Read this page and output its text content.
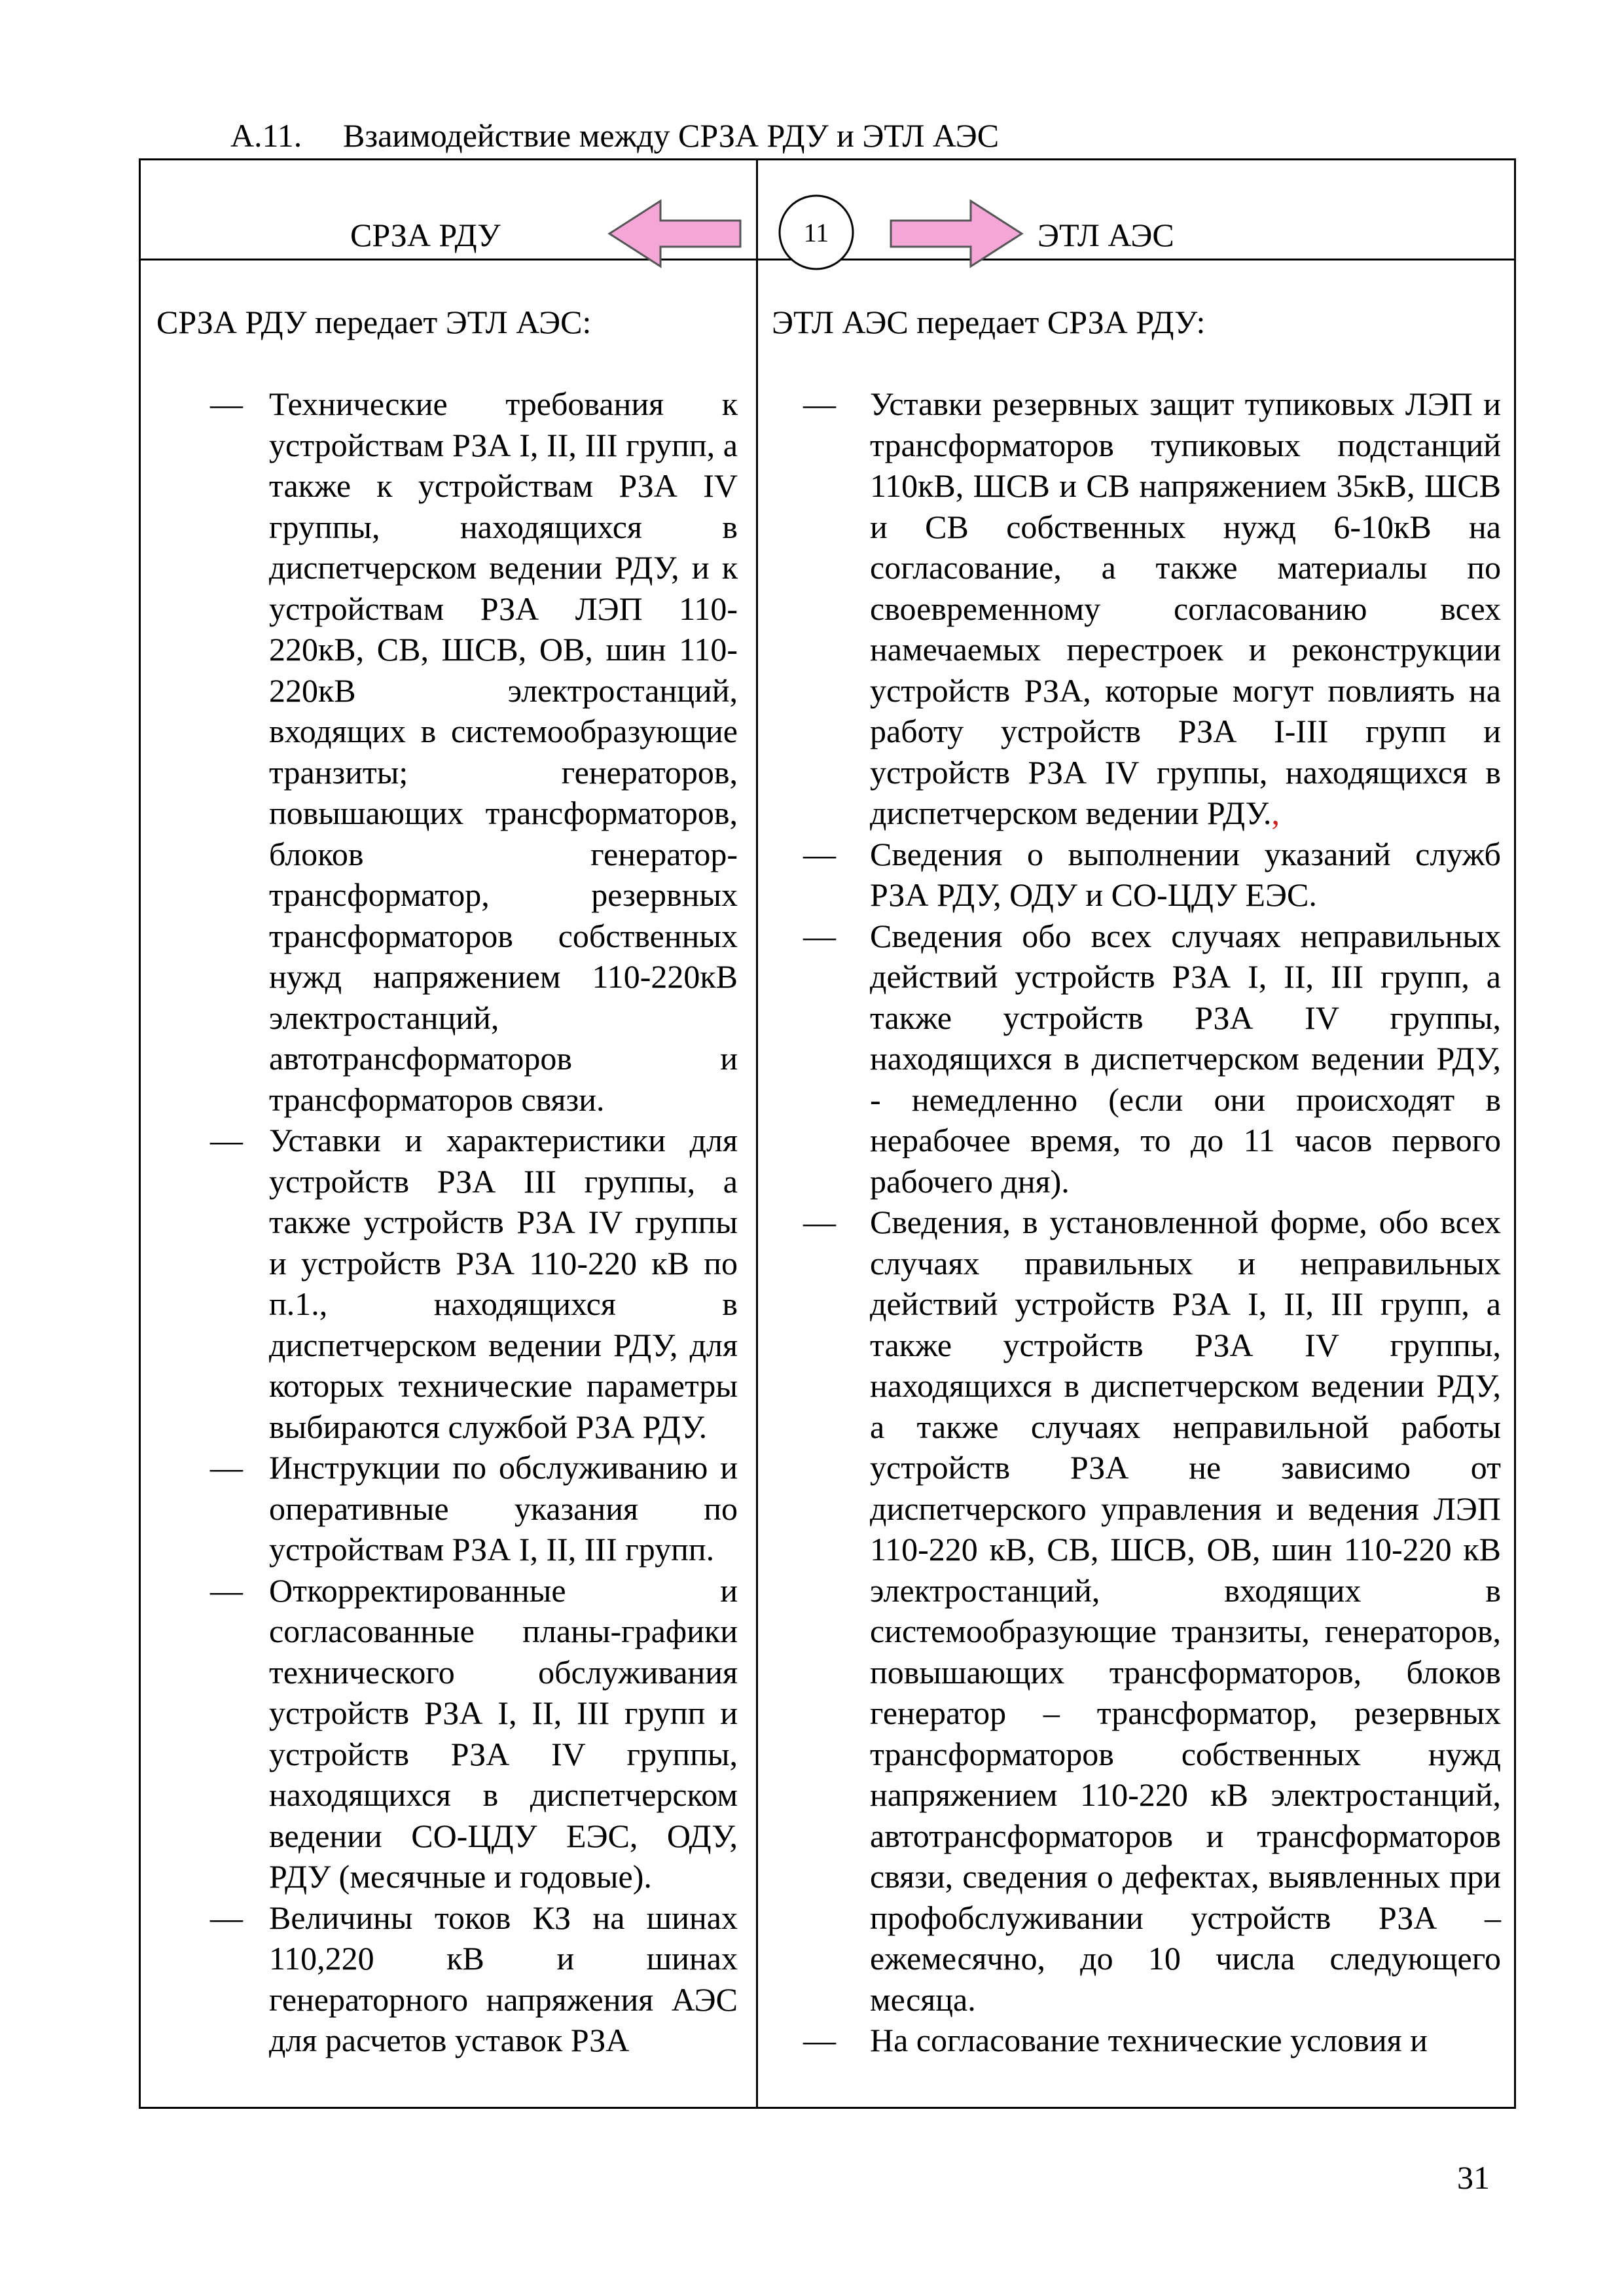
А.11. Взаимодействие между СРЗА РДУ и ЭТЛ АЭС
СРЗА РДУ	ЭТЛ АЭС
11
СРЗА РДУ передает ЭТЛ АЭС:
— Технические требования к устройствам РЗА I, II, III групп, а также к устройствам РЗА IV группы, находящихся в диспетчерском ведении РДУ, и к устройствам РЗА ЛЭП 110-220кВ, СВ, ШСВ, ОВ, шин 110-220кВ электростанций, входящих в системообразующие транзиты; генераторов, повышающих трансформаторов, блоков генератор-трансформатор, резервных трансформаторов собственных нужд напряжением 110-220кВ электростанций, автотрансформаторов и трансформаторов связи.
— Уставки и характеристики для устройств РЗА III группы, а также устройств РЗА IV группы и устройств РЗА 110-220 кВ по п.1., находящихся в диспетчерском ведении РДУ, для которых технические параметры выбираются службой РЗА РДУ.
— Инструкции по обслуживанию и оперативные указания по устройствам РЗА I, II, III групп.
— Откорректированные и согласованные планы-графики технического обслуживания устройств РЗА I, II, III групп и устройств РЗА IV группы, находящихся в диспетчерском ведении СО-ЦДУ ЕЭС, ОДУ, РДУ (месячные и годовые).
— Величины токов КЗ на шинах 110,220 кВ и шинах генераторного напряжения АЭС для расчетов уставок РЗА
ЭТЛ АЭС передает СРЗА РДУ:
— Уставки резервных защит тупиковых ЛЭП и трансформаторов тупиковых подстанций 110кВ, ШСВ и СВ напряжением 35кВ, ШСВ и СВ собственных нужд 6-10кВ на согласование, а также материалы по своевременному согласованию всех намечаемых перестроек и реконструкции устройств РЗА, которые могут повлиять на работу устройств РЗА I-III групп и устройств РЗА IV группы, находящихся в диспетчерском ведении РДУ.,
— Сведения о выполнении указаний служб РЗА РДУ, ОДУ и СО-ЦДУ ЕЭС.
— Сведения обо всех случаях неправильных действий устройств РЗА I, II, III групп, а также устройств РЗА IV группы, находящихся в диспетчерском ведении РДУ, - немедленно (если они происходят в нерабочее время, то до 11 часов первого рабочего дня).
— Сведения, в установленной форме, обо всех случаях правильных и неправильных действий устройств РЗА I, II, III групп, а также устройств РЗА IV группы, находящихся в диспетчерском ведении РДУ, а также случаях неправильной работы устройств РЗА не зависимо от диспетчерского управления и ведения ЛЭП 110-220 кВ, СВ, ШСВ, ОВ, шин 110-220 кВ электростанций, входящих в системообразующие транзиты, генераторов, повышающих трансформаторов, блоков генератор – трансформатор, резервных трансформаторов собственных нужд напряжением 110-220 кВ электростанций, автотрансформаторов и трансформаторов связи, сведения о дефектах, выявленных при профобслуживании устройств РЗА – ежемесячно, до 10 числа следующего месяца.
— На согласование технические условия и
31
